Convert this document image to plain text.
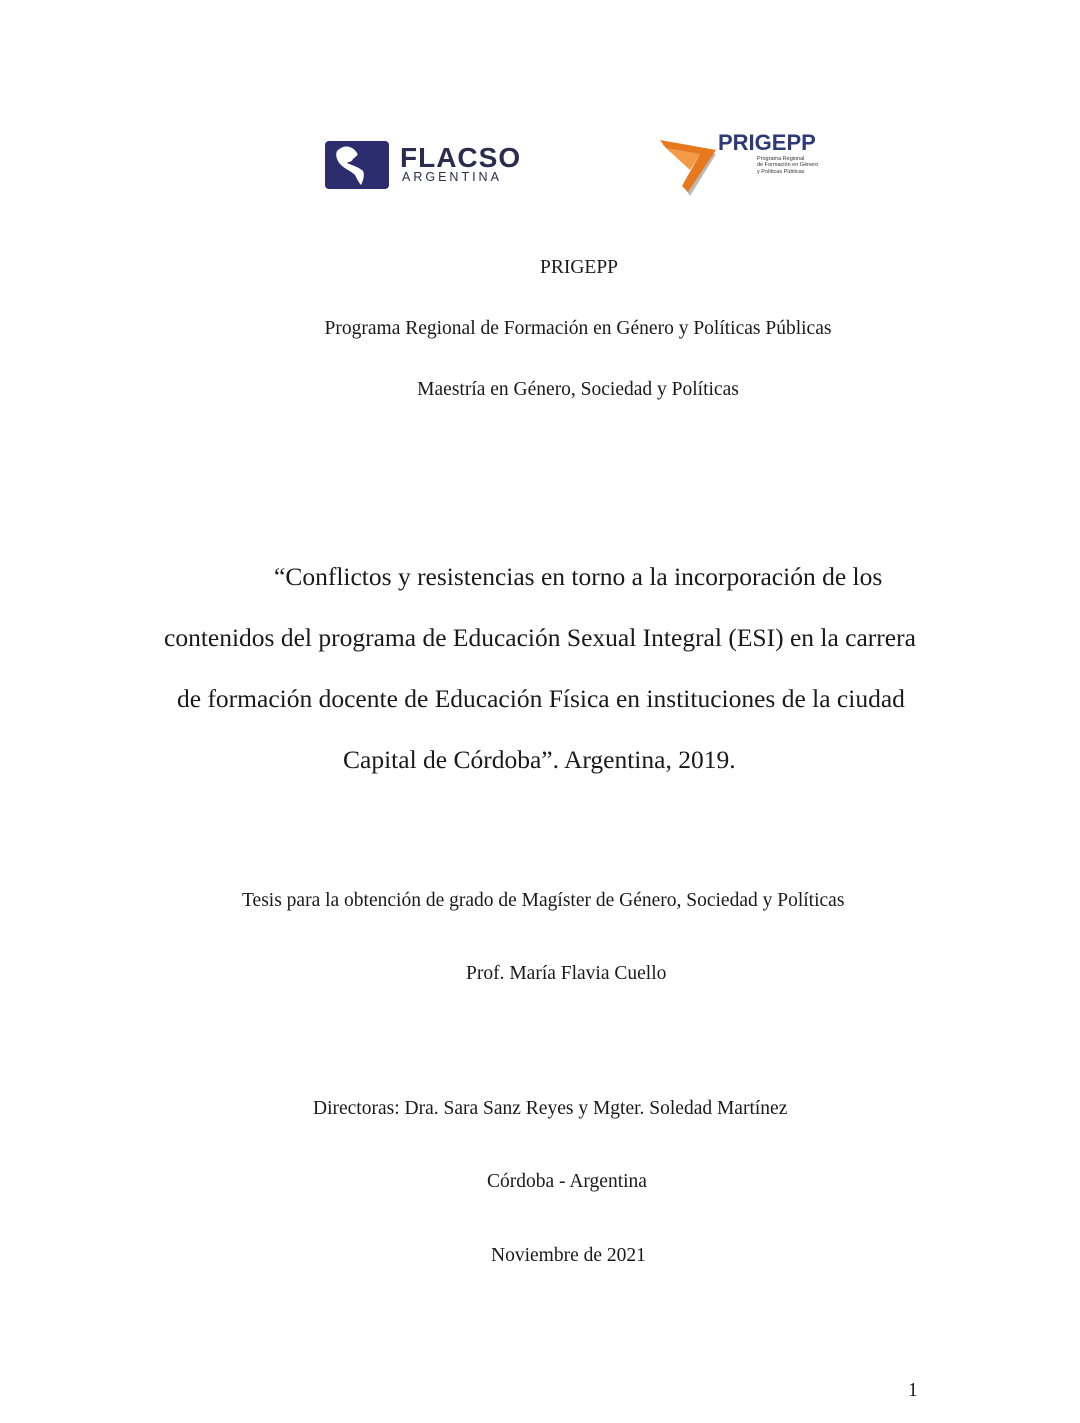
FLACSO
ARGENTINA
PRIGEPP
Programa Regional
de Formación en Género
y Políticas Públicas
PRIGEPP
Programa Regional de Formación en Género y Políticas Públicas
Maestría en Género, Sociedad y Políticas
“Conflictos y resistencias en torno a la incorporación de los
contenidos del programa de Educación Sexual Integral (ESI) en la carrera
de formación docente de Educación Física en instituciones de la ciudad
Capital de Córdoba”. Argentina, 2019.
Tesis para la obtención de grado de Magíster de Género, Sociedad y Políticas
Prof. María Flavia Cuello
Directoras: Dra. Sara Sanz Reyes y Mgter. Soledad Martínez
Córdoba - Argentina
Noviembre de 2021
1
